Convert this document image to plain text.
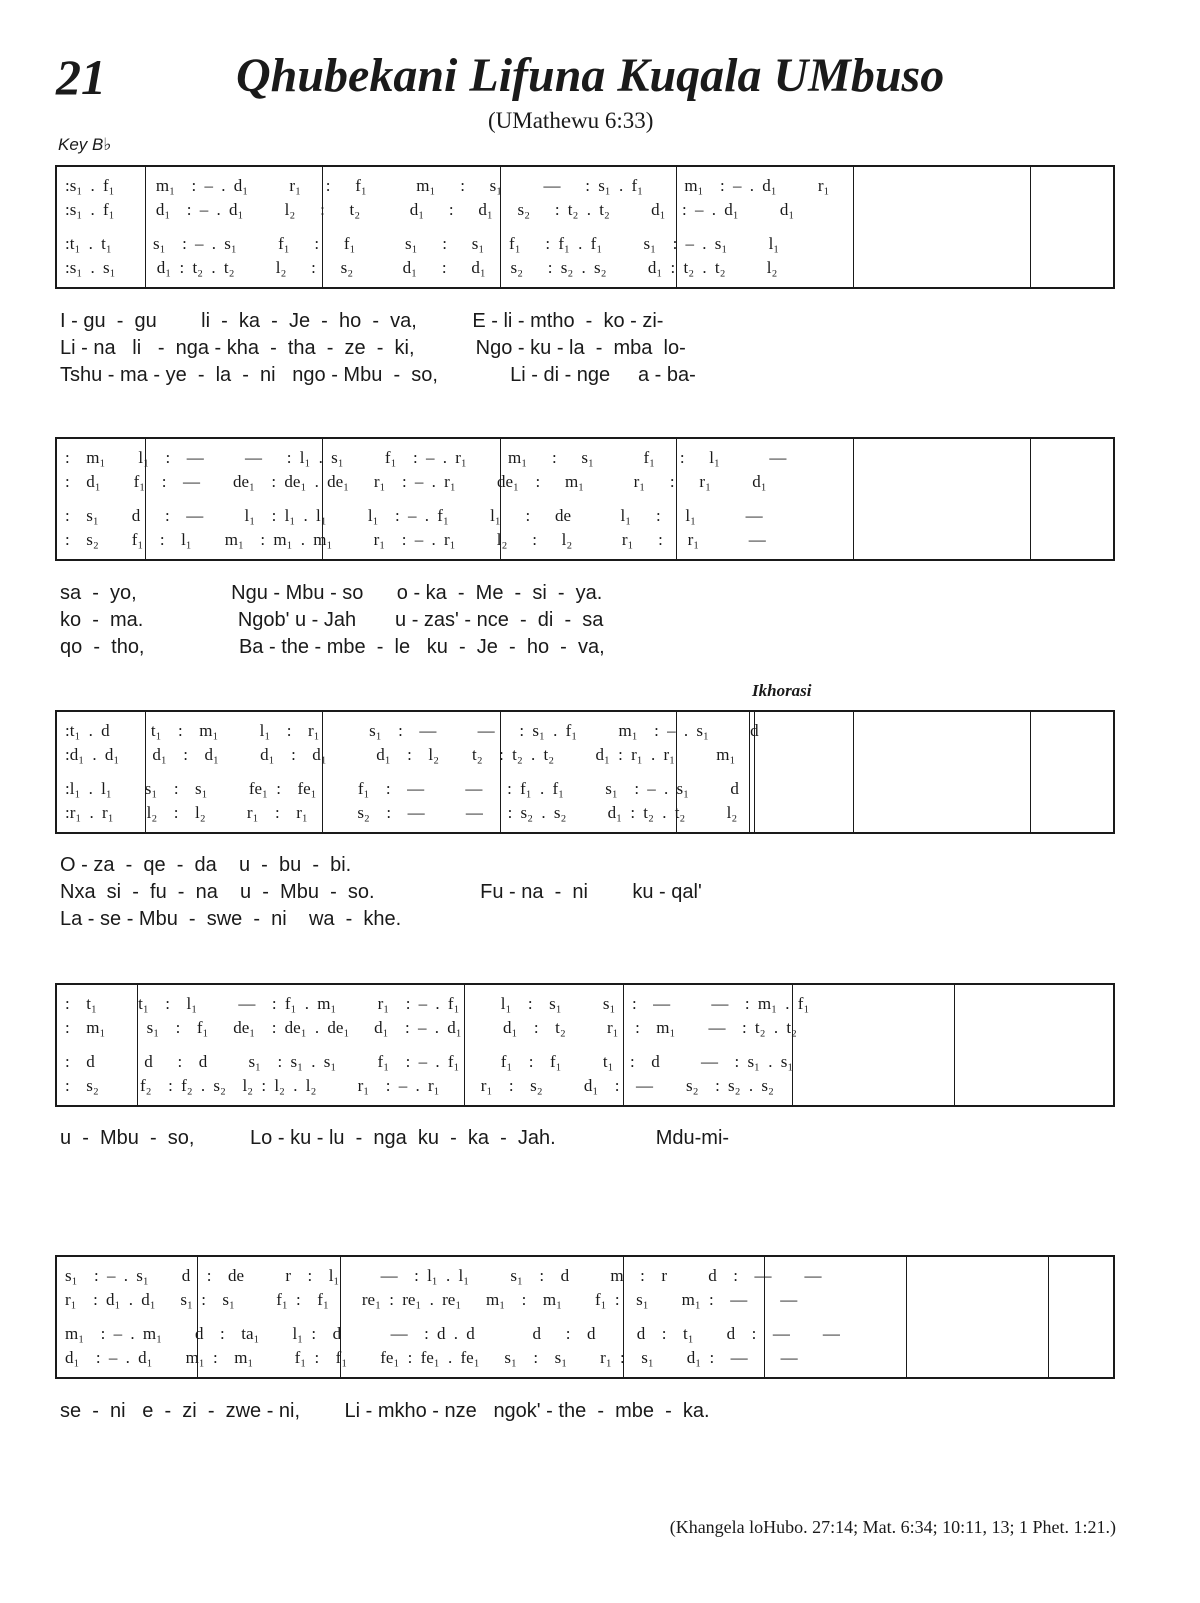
21	Qhubekani Lifuna Kuqala UMbuso
(UMathewu 6:33)
Key B♭
:s₁ . f₁     m₁  : – . d₁     r₁   :   f₁      m₁   :   s₁     —   : s₁ . f₁     m₁  : – . d₁     r₁
:s₁ . f₁     d₁  : – . d₁     l₂   :   t₂      d₁   :   d₁   s₂   : t₂ . t₂     d₁  : – . d₁     d₁
:t₁ . t₁     s₁  : – . s₁     f₁   :   f₁      s₁   :   s₁   f₁   : f₁ . f₁     s₁  : – . s₁     l₁
:s₁ . s₁     d₁ : t₂ . t₂     l₂   :   s₂      d₁   :   d₁   s₂   : s₂ . s₂     d₁ : t₂ . t₂     l₂
I - gu  -  gu        li  -  ka  -  Je  -  ho  -  va,          E - li - mtho  -  ko - zi-
Li - na   li   -  nga - kha  -  tha  -  ze  -  ki,           Ngo - ku - la  -  mba  lo-
Tshu - ma - ye  -  la  -  ni   ngo - Mbu  -  so,             Li - di - nge     a - ba-
:  m₁    l₁  :  —     —   : l₁ . s₁     f₁  : – . r₁     m₁   :   s₁      f₁   :   l₁      —
:  d₁    f₁  :  —    de₁  : de₁ . de₁   r₁  : – . r₁     de₁  :   m₁      r₁   :   r₁     d₁
:  s₁    d   :  —     l₁  : l₁ . l₁     l₁  : – . f₁     l₁   :   de      l₁   :   l₁      —
:  s₂    f₁  :  l₁    m₁  : m₁ . m₁     r₁  : – . r₁     l₂   :   l₂      r₁   :   r₁      —
sa  -  yo,                 Ngu - Mbu - so      o - ka  -  Me  -  si  -  ya.
ko  -  ma.                 Ngob' u - Jah       u - zas' - nce  -  di  -  sa
qo  -  tho,                 Ba - the - mbe  -  le   ku  -  Je  -  ho  -  va,
Ikhorasi
:t₁ . d     t₁  :  m₁     l₁  :  r₁      s₁  :  —     —   : s₁ . f₁     m₁  : – . s₁     d
:d₁ . d₁    d₁  :  d₁     d₁  :  d₁      d₁  :  l₂    t₂  : t₂ . t₂     d₁ : r₁ . r₁     m₁
:l₁ . l₁    s₁  :  s₁     fe₁ :  fe₁     f₁  :  —     —   : f₁ . f₁     s₁  : – . s₁     d
:r₁ . r₁    l₂  :  l₂     r₁  :  r₁      s₂  :  —     —   : s₂ . s₂     d₁ : t₂ . t₂     l₂
O - za  -  qe  -  da    u  -  bu  -  bi.
Nxa  si  -  fu  -  na    u  -  Mbu  -  so.                   Fu - na  -  ni        ku - qal'
La - se - Mbu  -  swe  -  ni    wa  -  khe.
:  t₁     t₁  :  l₁     —  : f₁ . m₁     r₁  : – . f₁     l₁  :  s₁     s₁  :  —     —  : m₁ . f₁
:  m₁     s₁  :  f₁   de₁  : de₁ . de₁   d₁  : – . d₁     d₁  :  t₂     r₁  :  m₁    —  : t₂ . t₂
:  d      d   :  d     s₁  : s₁ . s₁     f₁  : – . f₁     f₁  :  f₁     t₁  :  d     —  : s₁ . s₁
:  s₂     f₂  : f₂ . s₂  l₂ : l₂ . l₂     r₁  : – . r₁     r₁  :  s₂     d₁  :  —    s₂  : s₂ . s₂
u  -  Mbu  -  so,          Lo - ku - lu  -  nga  ku  -  ka  -  Jah.                  Mdu-mi-
s₁  : – . s₁    d  :  de     r  :  l₁     —  : l₁ . l₁     s₁  :  d     m  :  r     d  :  —    —
r₁  : d₁ . d₁   s₁ :  s₁     f₁ :  f₁    re₁ : re₁ . re₁   m₁  :  m₁    f₁ :  s₁    m₁ :  —    —
m₁  : – . m₁    d  :  ta₁    l₁ :  d      —  : d . d       d   :  d     d  :  t₁    d  :  —    —
d₁  : – . d₁    m₁ :  m₁     f₁ :  f₁    fe₁ : fe₁ . fe₁   s₁  :  s₁    r₁ :  s₁    d₁ :  —    —
se  -  ni   e  -  zi  -  zwe - ni,        Li - mkho - nze   ngok' - the  -  mbe  -  ka.
(Khangela loHubo. 27:14; Mat. 6:34; 10:11, 13; 1 Phet. 1:21.)
